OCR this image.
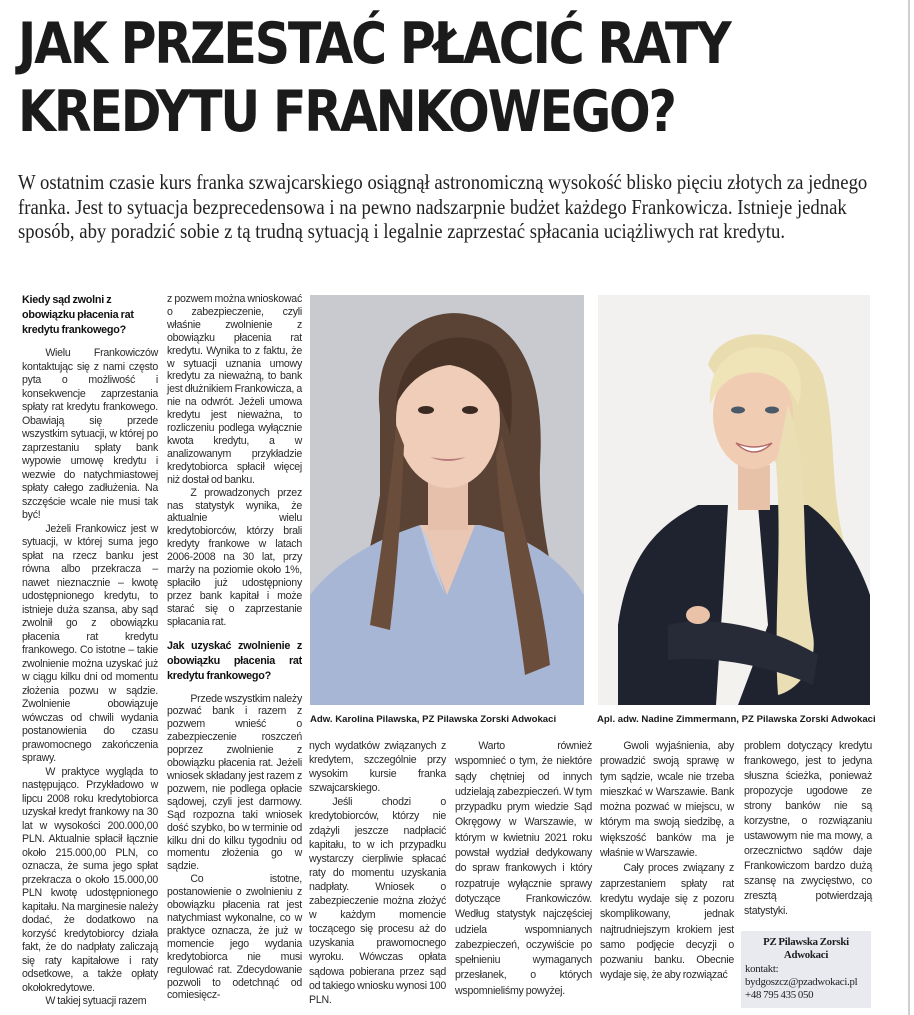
JAK PRZESTAĆ PŁACIĆ RATY
KREDYTU FRANKOWEGO?

W ostatnim czasie kurs franka szwajcarskiego osiągnął astronomiczną wysokość blisko pięciu złotych za jednego franka. Jest to sytuacja bezprecedensowa i na pewno nadszarpnie budżet każdego Frankowicza. Istnieje jednak sposób, aby poradzić sobie z tą trudną sytuacją i legalnie zaprzestać spłacania uciążliwych rat kredytu.

Kiedy sąd zwolni z obowiązku płacenia rat kredytu frankowego?

Wielu Frankowiczów kontaktując się z nami często pyta o możliwość i konsekwencje zaprzestania spłaty rat kredytu frankowego. Obawiają się przede wszystkim sytuacji, w której po zaprzestaniu spłaty bank wypowie umowę kredytu i wezwie do natychmiastowej spłaty całego zadłużenia. Na szczęście wcale nie musi tak być!

Jeżeli Frankowicz jest w sytuacji, w której suma jego spłat na rzecz banku jest równa albo przekracza – nawet nieznacznie – kwotę udostępnionego kredytu, to istnieje duża szansa, aby sąd zwolnił go z obowiązku płacenia rat kredytu frankowego. Co istotne – takie zwolnienie można uzyskać już w ciągu kilku dni od momentu złożenia pozwu w sądzie. Zwolnienie obowiązuje wówczas od chwili wydania postanowienia do czasu prawomocnego zakończenia sprawy.

W praktyce wygląda to następująco. Przykładowo w lipcu 2008 roku kredytobiorca uzyskał kredyt frankowy na 30 lat w wysokości 200.000,00 PLN. Aktualnie spłacił łącznie około 215.000,00 PLN, co oznacza, że suma jego spłat przekracza o około 15.000,00 PLN kwotę udostępnionego kapitału. Na marginesie należy dodać, że dodatkowo na korzyść kredytobiorcy działa fakt, że do nadpłaty zaliczają się raty kapitałowe i raty odsetkowe, a także opłaty okołokredytowe.

W takiej sytuacji razem

z pozwem można wnioskować o zabezpieczenie, czyli właśnie zwolnienie z obowiązku płacenia rat kredytu. Wynika to z faktu, że w sytuacji uznania umowy kredytu za nieważną, to bank jest dłużnikiem Frankowicza, a nie na odwrót. Jeżeli umowa kredytu jest nieważna, to rozliczeniu podlega wyłącznie kwota kredytu, a w analizowanym przykładzie kredytobiorca spłacił więcej niż dostał od banku.

Z prowadzonych przez nas statystyk wynika, że aktualnie wielu kredytobiorców, którzy brali kredyty frankowe w latach 2006-2008 na 30 lat, przy marży na poziomie około 1%, spłaciło już udostępniony przez bank kapitał i może starać się o zaprzestanie spłacania rat.

Jak uzyskać zwolnienie z obowiązku płacenia rat kredytu frankowego?

Przede wszystkim należy pozwać bank i razem z pozwem wnieść o zabezpieczenie roszczeń poprzez zwolnienie z obowiązku płacenia rat. Jeżeli wniosek składany jest razem z pozwem, nie podlega opłacie sądowej, czyli jest darmowy. Sąd rozpozna taki wniosek dość szybko, bo w terminie od kilku dni do kilku tygodniu od momentu złożenia go w sądzie.

Co istotne, postanowienie o zwolnieniu z obowiązku płacenia rat jest natychmiast wykonalne, co w praktyce oznacza, że już w momencie jego wydania kredytobiorca nie musi regulować rat. Zdecydowanie pozwoli to odetchnąć od comiesięcz-

Adw. Karolina Pilawska, PZ Pilawska Zorski Adwokaci	Apl. adw. Nadine Zimmermann, PZ Pilawska Zorski Adwokaci

nych wydatków związanych z kredytem, szczególnie przy wysokim kursie franka szwajcarskiego.

Jeśli chodzi o kredytobiorców, którzy nie zdążyli jeszcze nadpłacić kapitału, to w ich przypadku wystarczy cierpliwie spłacać raty do momentu uzyskania nadpłaty. Wniosek o zabezpieczenie można złożyć w każdym momencie toczącego się procesu aż do uzyskania prawomocnego wyroku. Wówczas opłata sądowa pobierana przez sąd od takiego wniosku wynosi 100 PLN.

Warto również wspomnieć o tym, że niektóre sądy chętniej od innych udzielają zabezpieczeń. W tym przypadku prym wiedzie Sąd Okręgowy w Warszawie, w którym w kwietniu 2021 roku powstał wydział dedykowany do spraw frankowych i który rozpatruje wyłącznie sprawy dotyczące Frankowiczów. Według statystyk najczęściej udziela wspomnianych zabezpieczeń, oczywiście po spełnieniu wymaganych przesłanek, o których wspomnieliśmy powyżej.

Gwoli wyjaśnienia, aby prowadzić swoją sprawę w tym sądzie, wcale nie trzeba mieszkać w Warszawie. Bank można pozwać w miejscu, w którym ma swoją siedzibę, a większość banków ma je właśnie w Warszawie.

Cały proces związany z zaprzestaniem spłaty rat kredytu wydaje się z pozoru skomplikowany, jednak najtrudniejszym krokiem jest samo podjęcie decyzji o pozwaniu banku. Obecnie wydaje się, że aby rozwiązać

problem dotyczący kredytu frankowego, jest to jedyna słuszna ścieżka, ponieważ propozycje ugodowe ze strony banków nie są korzystne, o rozwiązaniu ustawowym nie ma mowy, a orzecznictwo sądów daje Frankowiczom bardzo dużą szansę na zwycięstwo, co zresztą potwierdzają statystyki.

PZ Pilawska Zorski Adwokaci
kontakt:
bydgoszcz@pzadwokaci.pl
+48 795 435 050
